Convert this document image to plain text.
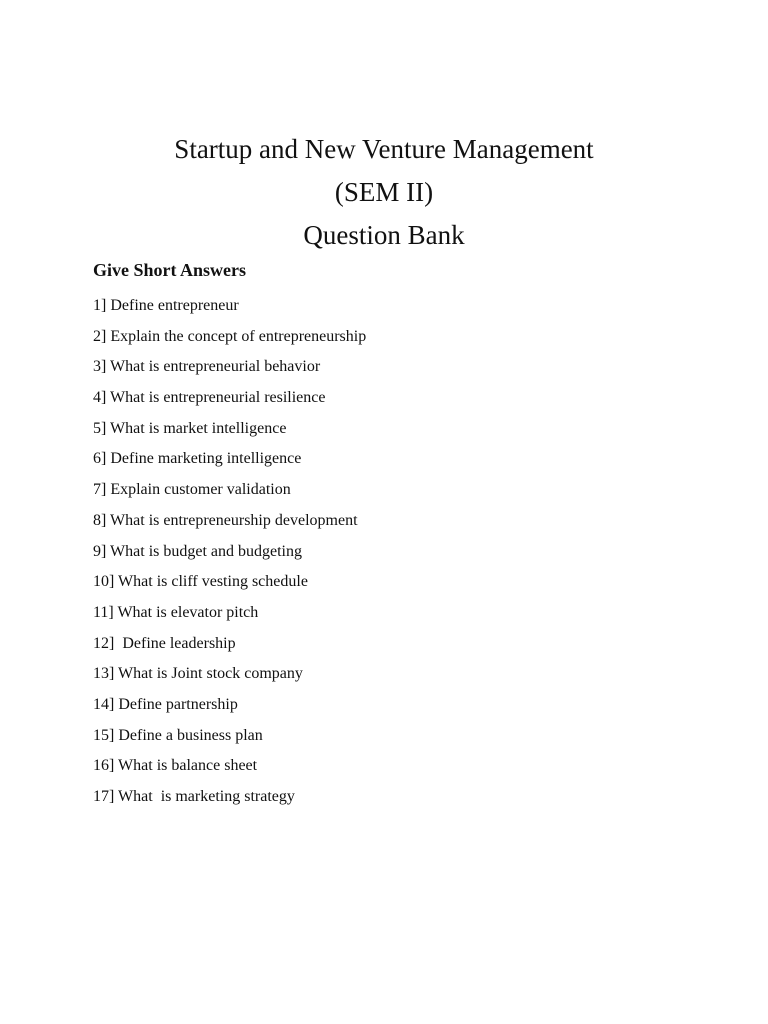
Startup and New Venture Management
(SEM II)
Question Bank
Give Short Answers
1] Define entrepreneur
2] Explain the concept of entrepreneurship
3] What is entrepreneurial behavior
4] What is entrepreneurial resilience
5] What is market intelligence
6] Define marketing intelligence
7] Explain customer validation
8] What is entrepreneurship development
9] What is budget and budgeting
10] What is cliff vesting schedule
11] What is elevator pitch
12]  Define leadership
13] What is Joint stock company
14] Define partnership
15] Define a business plan
16] What is balance sheet
17] What  is marketing strategy
